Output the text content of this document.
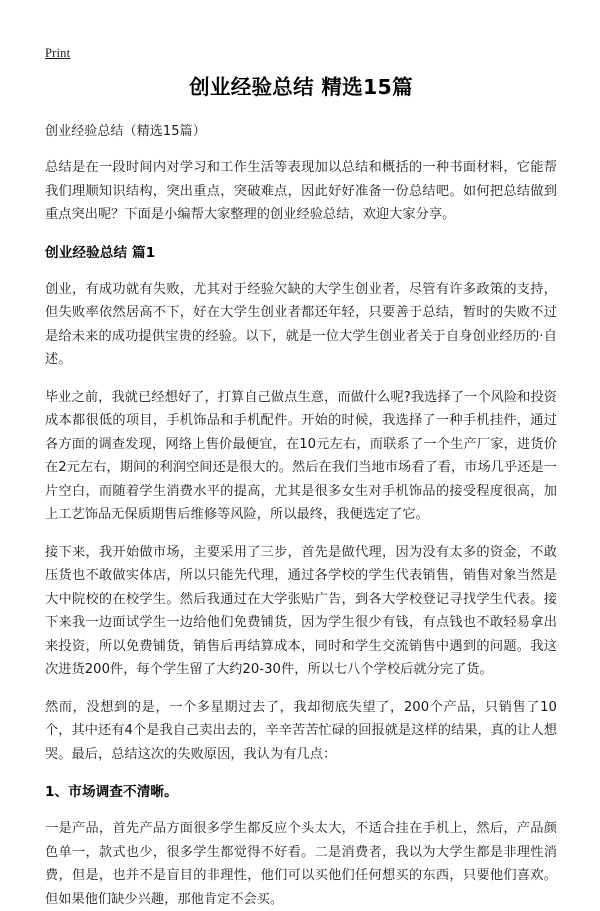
Print
创业经验总结 精选15篇
创业经验总结（精选15篇）

总结是在一段时间内对学习和工作生活等表现加以总结和概括的一种书面材料，它能帮我们理顺知识结构，突出重点，突破难点，因此好好准备一份总结吧。如何把总结做到重点突出呢？下面是小编帮大家整理的创业经验总结，欢迎大家分享。

创业经验总结 篇1

创业，有成功就有失败，尤其对于经验欠缺的大学生创业者，尽管有许多政策的支持，但失败率依然居高不下，好在大学生创业者都还年轻，只要善于总结，暂时的失败不过是给未来的成功提供宝贵的经验。以下，就是一位大学生创业者关于自身创业经历的·自述。

毕业之前，我就已经想好了，打算自己做点生意，而做什么呢?我选择了一个风险和投资成本都很低的项目，手机饰品和手机配件。开始的时候，我选择了一种手机挂件，通过各方面的调查发现，网络上售价最便宜，在10元左右，而联系了一个生产厂家，进货价在2元左右，期间的利润空间还是很大的。然后在我们当地市场看了看，市场几乎还是一片空白，而随着学生消费水平的提高，尤其是很多女生对手机饰品的接受程度很高，加上工艺饰品无保质期售后维修等风险，所以最终，我便选定了它。

接下来，我开始做市场，主要采用了三步，首先是做代理，因为没有太多的资金，不敢压货也不敢做实体店，所以只能先代理，通过各学校的学生代表销售，销售对象当然是大中院校的在校学生。然后我通过在大学张贴广告，到各大学校登记寻找学生代表。接下来我一边面试学生一边给他们免费铺货，因为学生很少有钱，有点钱也不敢轻易拿出来投资，所以免费铺货，销售后再结算成本，同时和学生交流销售中遇到的问题。我这次进货200件，每个学生留了大约20-30件，所以七八个学校后就分完了货。

然而，没想到的是，一个多星期过去了，我却彻底失望了，200个产品，只销售了10个，其中还有4个是我自己卖出去的，辛辛苦苦忙碌的回报就是这样的结果，真的让人想哭。最后，总结这次的失败原因，我认为有几点：

1、市场调查不清晰。

一是产品，首先产品方面很多学生都反应个头太大，不适合挂在手机上，然后，产品颜色单一，款式也少，很多学生都觉得不好看。二是消费者，我以为大学生都是非理性消费，但是，也并不是盲目的非理性，他们可以买他们任何想买的东西，只要他们喜欢。但如果他们缺少兴趣，那他肯定不会买。
